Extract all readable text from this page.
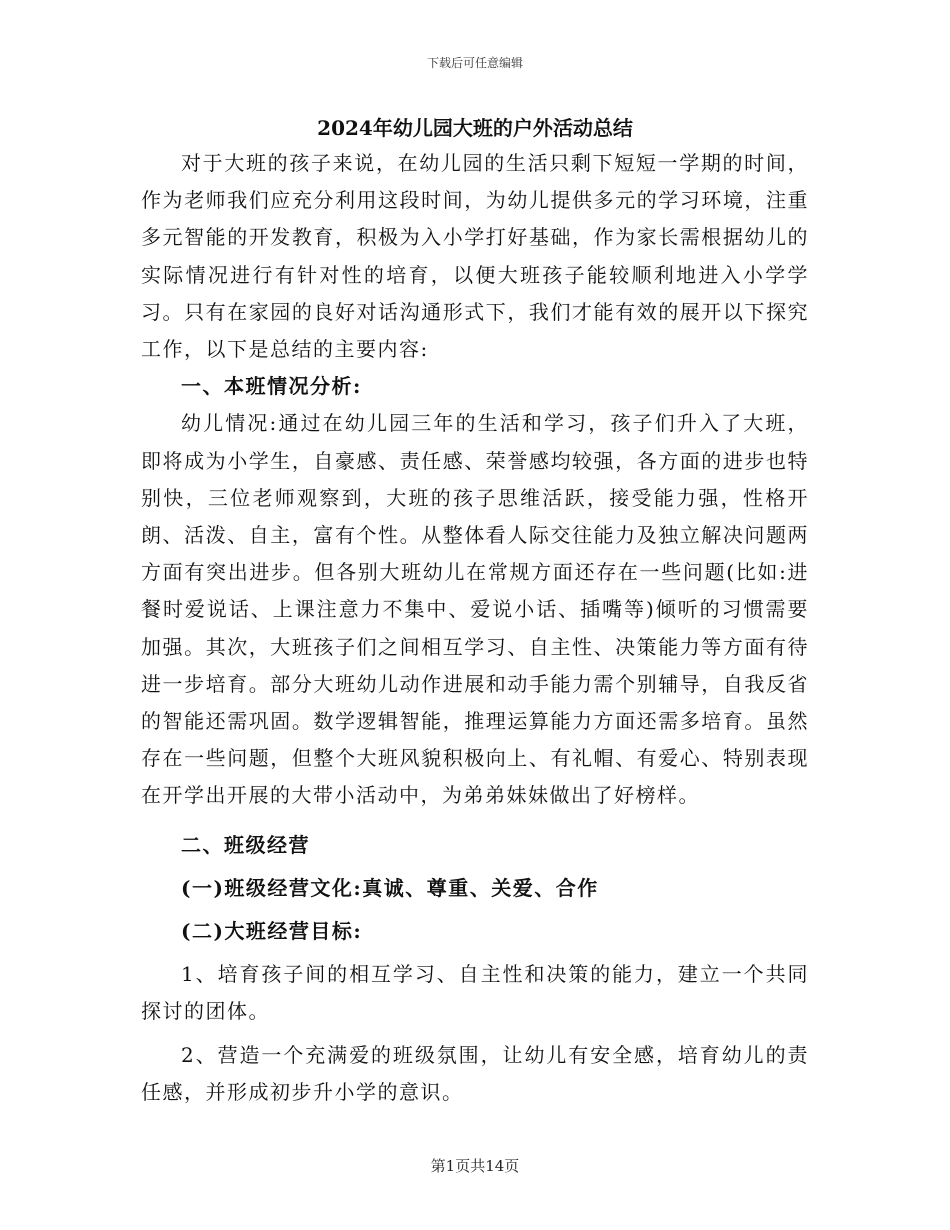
下载后可任意编辑
2024年幼儿园大班的户外活动总结

对于大班的孩子来说，在幼儿园的生活只剩下短短一学期的时间，作为老师我们应充分利用这段时间，为幼儿提供多元的学习环境，注重多元智能的开发教育，积极为入小学打好基础，作为家长需根据幼儿的实际情况进行有针对性的培育，以便大班孩子能较顺利地进入小学学习。只有在家园的良好对话沟通形式下，我们才能有效的展开以下探究工作，以下是总结的主要内容:

一、本班情况分析:

幼儿情况:通过在幼儿园三年的生活和学习，孩子们升入了大班，即将成为小学生，自豪感、责任感、荣誉感均较强，各方面的进步也特别快，三位老师观察到，大班的孩子思维活跃，接受能力强，性格开朗、活泼、自主，富有个性。从整体看人际交往能力及独立解决问题两方面有突出进步。但各别大班幼儿在常规方面还存在一些问题(比如:进餐时爱说话、上课注意力不集中、爱说小话、插嘴等)倾听的习惯需要加强。其次，大班孩子们之间相互学习、自主性、决策能力等方面有待进一步培育。部分大班幼儿动作进展和动手能力需个别辅导，自我反省的智能还需巩固。数学逻辑智能，推理运算能力方面还需多培育。虽然存在一些问题，但整个大班风貌积极向上、有礼帽、有爱心、特别表现在开学出开展的大带小活动中，为弟弟妹妹做出了好榜样。

二、班级经营

(一)班级经营文化:真诚、尊重、关爱、合作

(二)大班经营目标:

1、培育孩子间的相互学习、自主性和决策的能力，建立一个共同探讨的团体。

2、营造一个充满爱的班级氛围，让幼儿有安全感，培育幼儿的责任感，并形成初步升小学的意识。

第1页共14页
